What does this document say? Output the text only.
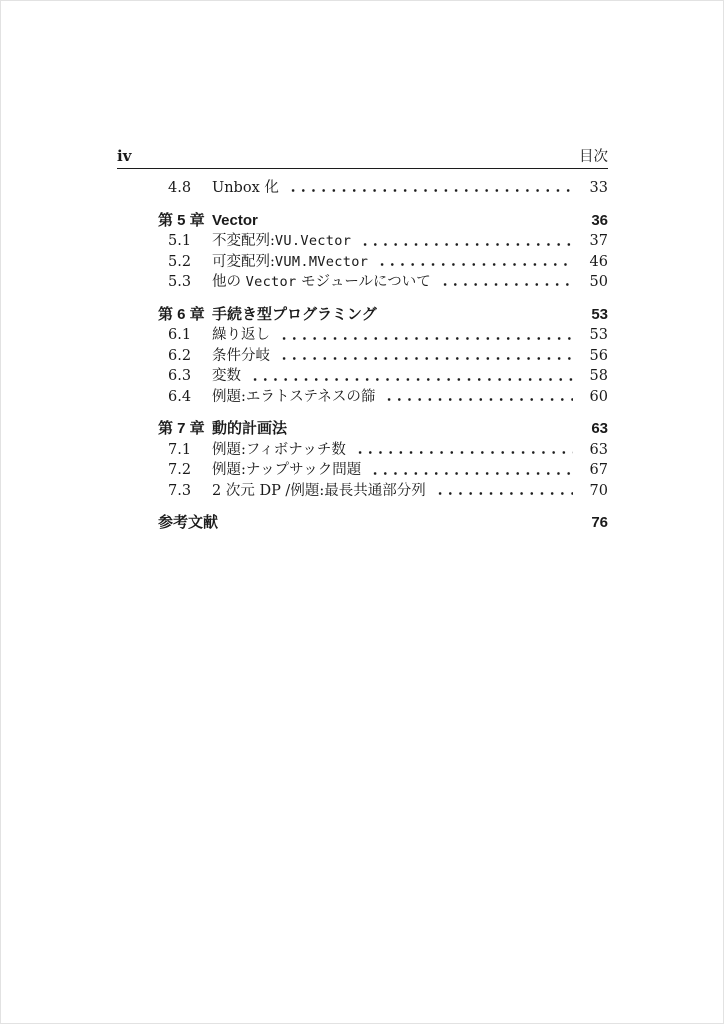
iv	目次
4.8	Unbox 化	33
第 5 章 Vector	36
5.1	不変配列:VU.Vector	37
5.2	可変配列:VUM.MVector	46
5.3	他の Vector モジュールについて	50
第 6 章 手続き型プログラミング	53
6.1	繰り返し	53
6.2	条件分岐	56
6.3	変数	58
6.4	例題:エラトステネスの篩	60
第 7 章 動的計画法	63
7.1	例題:フィボナッチ数	63
7.2	例題:ナップサック問題	67
7.3	2 次元 DP /例題:最長共通部分列	70
参考文献	76
